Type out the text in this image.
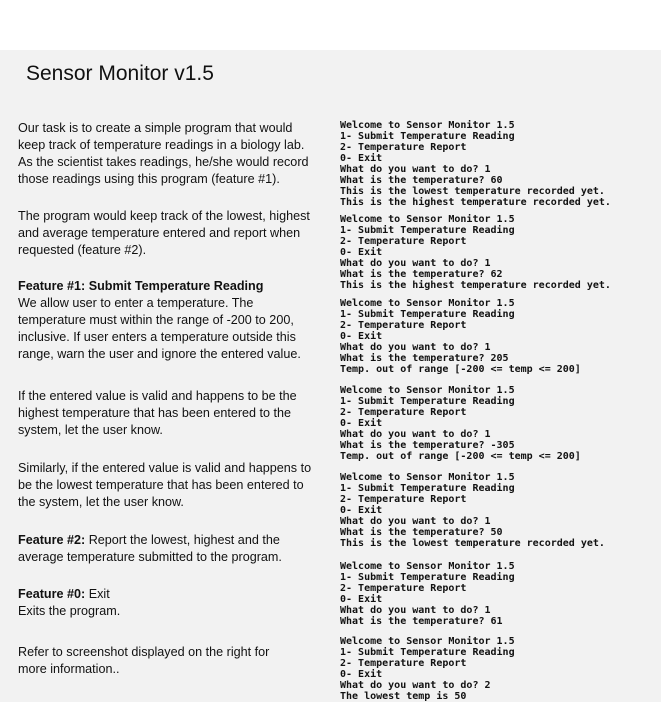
Sensor Monitor v1.5
Our task is to create a simple program that would
keep track of temperature readings in a biology lab.
As the scientist takes readings, he/she would record
those readings using this program (feature #1).
The program would keep track of the lowest, highest
and average temperature entered and report when
requested (feature #2).
Feature #1: Submit Temperature Reading
We allow user to enter a temperature. The
temperature must within the range of -200 to 200,
inclusive. If user enters a temperature outside this
range, warn the user and ignore the entered value.
If the entered value is valid and happens to be the
highest temperature that has been entered to the
system, let the user know.
Similarly, if the entered value is valid and happens to
be the lowest temperature that has been entered to
the system, let the user know.
Feature #2: Report the lowest, highest and the
average temperature submitted to the program.
Feature #0: Exit
Exits the program.
Refer to screenshot displayed on the right for
more information..
Welcome to Sensor Monitor 1.5
1- Submit Temperature Reading
2- Temperature Report
0- Exit
What do you want to do? 1
What is the temperature? 60
This is the lowest temperature recorded yet.
This is the highest temperature recorded yet.
Welcome to Sensor Monitor 1.5
1- Submit Temperature Reading
2- Temperature Report
0- Exit
What do you want to do? 1
What is the temperature? 62
This is the highest temperature recorded yet.
Welcome to Sensor Monitor 1.5
1- Submit Temperature Reading
2- Temperature Report
0- Exit
What do you want to do? 1
What is the temperature? 205
Temp. out of range [-200 <= temp <= 200]
Welcome to Sensor Monitor 1.5
1- Submit Temperature Reading
2- Temperature Report
0- Exit
What do you want to do? 1
What is the temperature? -305
Temp. out of range [-200 <= temp <= 200]
Welcome to Sensor Monitor 1.5
1- Submit Temperature Reading
2- Temperature Report
0- Exit
What do you want to do? 1
What is the temperature? 50
This is the lowest temperature recorded yet.
Welcome to Sensor Monitor 1.5
1- Submit Temperature Reading
2- Temperature Report
0- Exit
What do you want to do? 1
What is the temperature? 61
Welcome to Sensor Monitor 1.5
1- Submit Temperature Reading
2- Temperature Report
0- Exit
What do you want to do? 2
The lowest temp is 50
